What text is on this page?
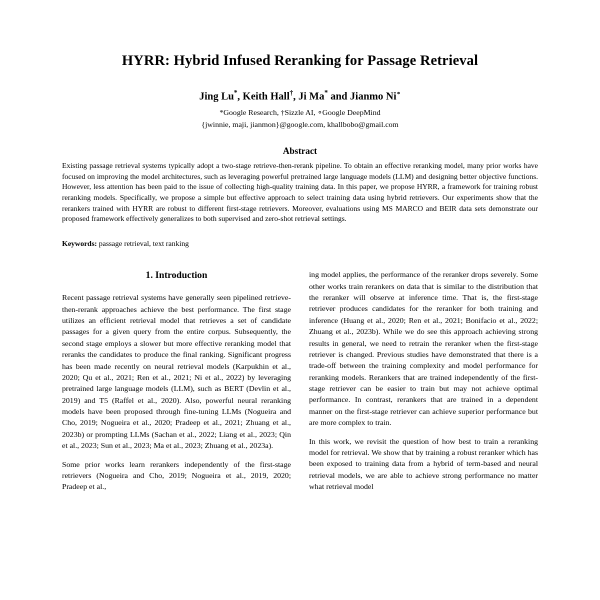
HYRR: Hybrid Infused Reranking for Passage Retrieval
Jing Lu*, Keith Hall†, Ji Ma* and Jianmo Ni∘
*Google Research, †Sizzle AI, ∘Google DeepMind
{jwinnie, maji, jianmon}@google.com, khallbobo@gmail.com
Abstract

Existing passage retrieval systems typically adopt a two-stage retrieve-then-rerank pipeline. To obtain an effective reranking model, many prior works have focused on improving the model architectures, such as leveraging powerful pretrained large language models (LLM) and designing better objective functions. However, less attention has been paid to the issue of collecting high-quality training data. In this paper, we propose HYRR, a framework for training robust reranking models. Specifically, we propose a simple but effective approach to select training data using hybrid retrievers. Our experiments show that the rerankers trained with HYRR are robust to different first-stage retrievers. Moreover, evaluations using MS MARCO and BEIR data sets demonstrate our proposed framework effectively generalizes to both supervised and zero-shot retrieval settings.

Keywords: passage retrieval, text ranking

1. Introduction

Recent passage retrieval systems have generally seen pipelined retrieve-then-rerank approaches achieve the best performance. The first stage utilizes an efficient retrieval model that retrieves a set of candidate passages for a given query from the entire corpus. Subsequently, the second stage employs a slower but more effective reranking model that reranks the candidates to produce the final ranking. Significant progress has been made recently on neural retrieval models (Karpukhin et al., 2020; Qu et al., 2021; Ren et al., 2021; Ni et al., 2022) by leveraging pretrained large language models (LLM), such as BERT (Devlin et al., 2019) and T5 (Raffel et al., 2020). Also, powerful neural reranking models have been proposed through fine-tuning LLMs (Nogueira and Cho, 2019; Nogueira et al., 2020; Pradeep et al., 2021; Zhuang et al., 2023b) or prompting LLMs (Sachan et al., 2022; Liang et al., 2023; Qin et al., 2023; Sun et al., 2023; Ma et al., 2023; Zhuang et al., 2023a).

Some prior works learn rerankers independently of the first-stage retrievers (Nogueira and Cho, 2019; Nogueira et al., 2019, 2020; Pradeep et al.,

ing model applies, the performance of the reranker drops severely. Some other works train rerankers on data that is similar to the distribution that the reranker will observe at inference time. That is, the first-stage retriever produces candidates for the reranker for both training and inference (Huang et al., 2020; Ren et al., 2021; Bonifacio et al., 2022; Zhuang et al., 2023b). While we do see this approach achieving strong results in general, we need to retrain the reranker when the first-stage retriever is changed. Previous studies have demonstrated that there is a trade-off between the training complexity and model performance for reranking models. Rerankers that are trained independently of the first-stage retriever can be easier to train but may not achieve optimal performance. In contrast, rerankers that are trained in a dependent manner on the first-stage retriever can achieve superior performance but are more complex to train.

In this work, we revisit the question of how best to train a reranking model for retrieval. We show that by training a robust reranker which has been exposed to training data from a hybrid of term-based and neural retrieval models, we are able to achieve strong performance no matter what retrieval model
